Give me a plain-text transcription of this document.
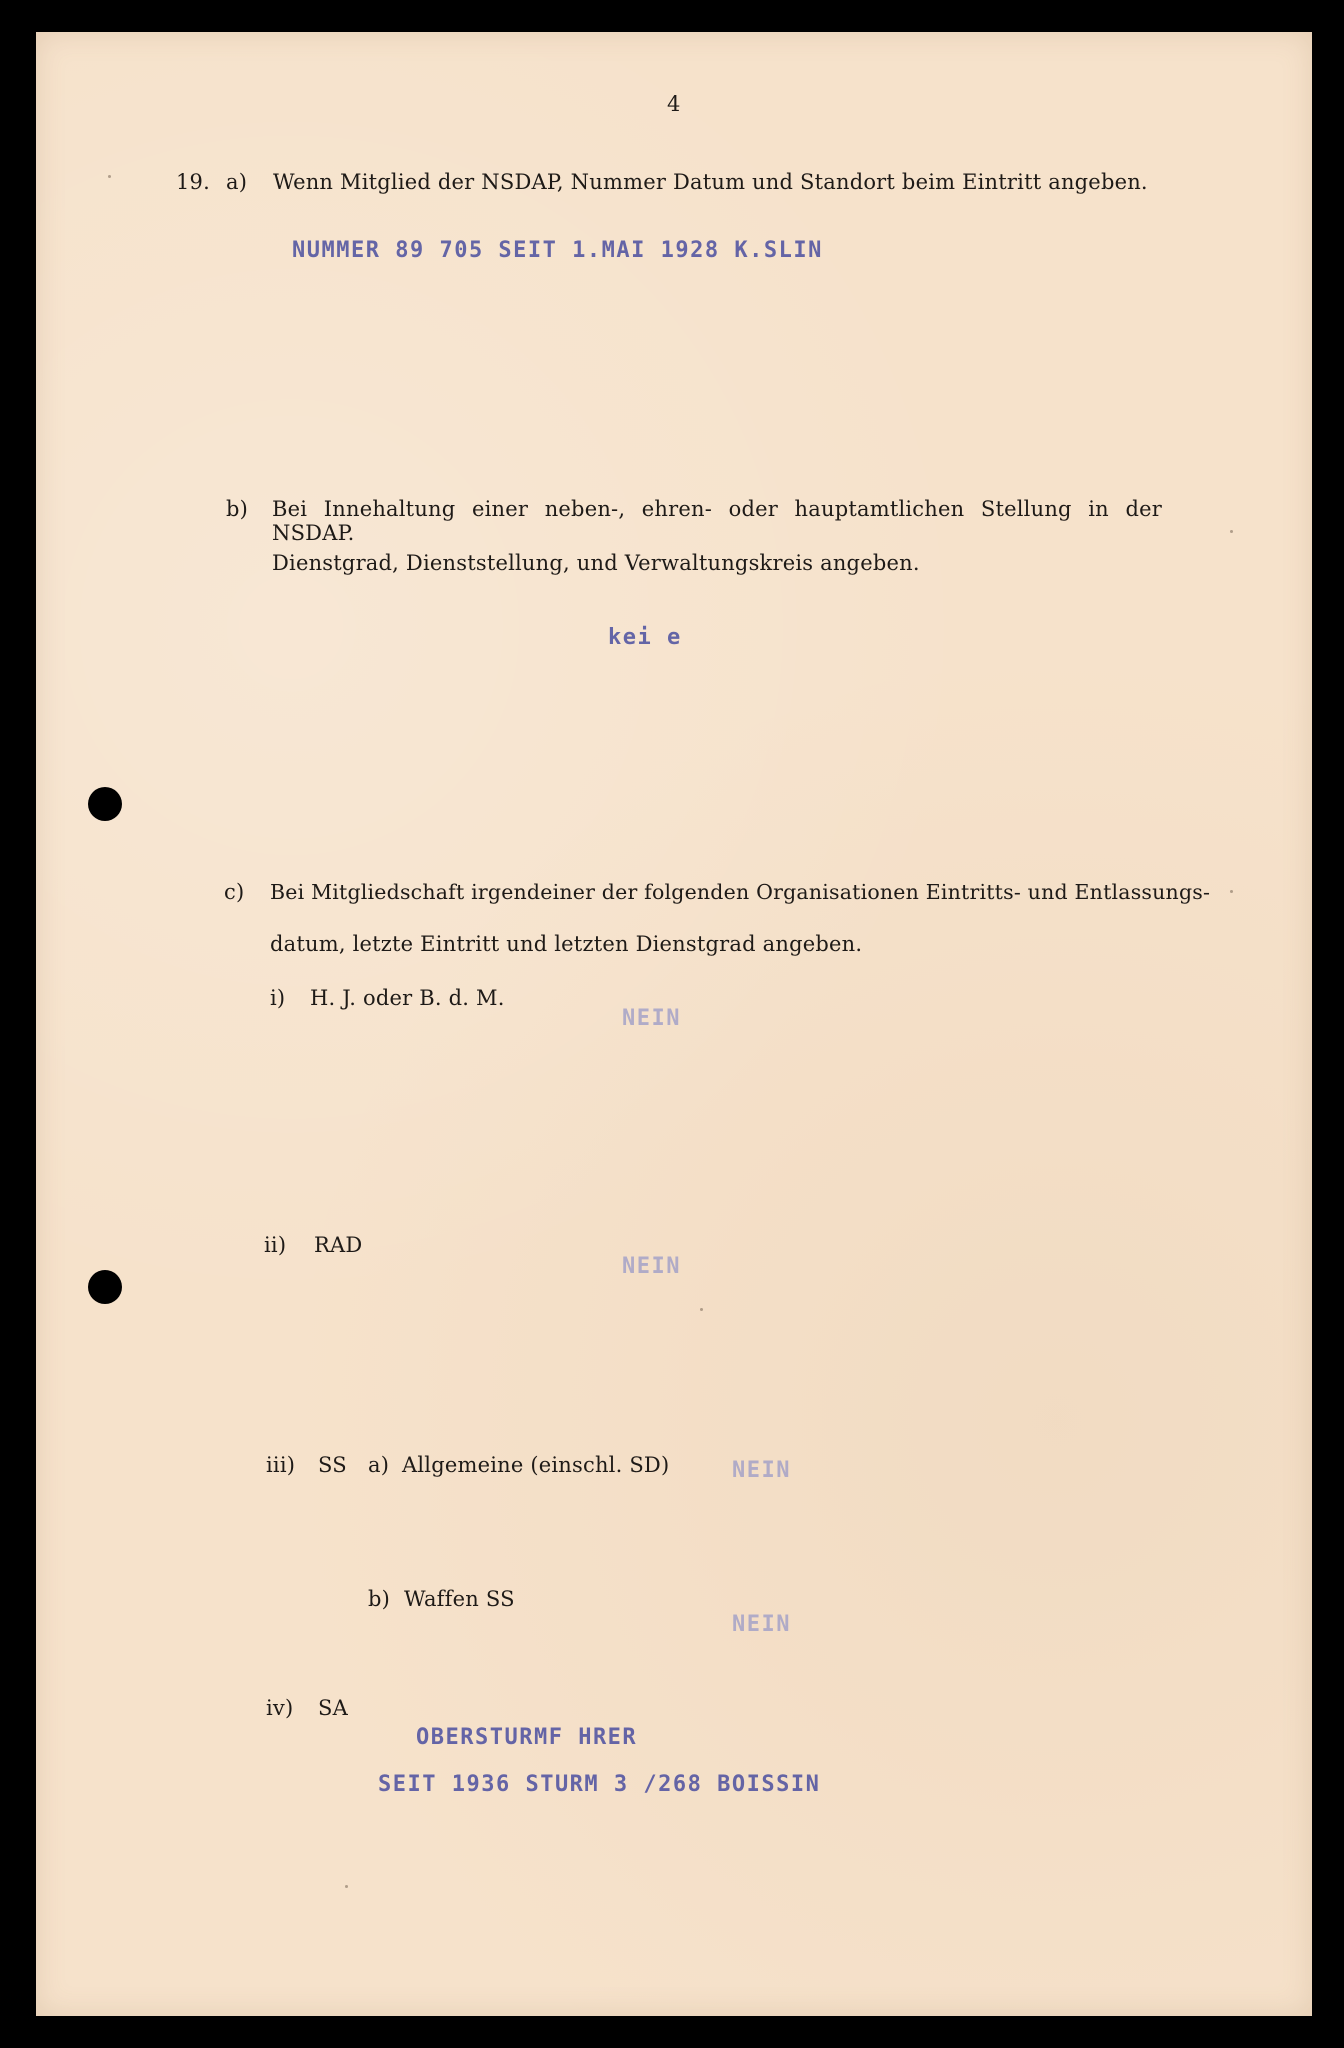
4
19. a) Wenn Mitglied der NSDAP, Nummer Datum und Standort beim Eintritt angeben.
NUMMER 89 705 SEIT 1.MAI 1928 K.SLIN
b) Bei Innehaltung einer neben-, ehren- oder hauptamtlichen Stellung in der NSDAP.
Dienstgrad, Dienststellung, und Verwaltungskreis angeben.
kei e
c) Bei Mitgliedschaft irgendeiner der folgenden Organisationen Eintritts- und Entlassungs-
datum, letzte Eintritt und letzten Dienstgrad angeben.
i) H. J. oder B. d. M.
NEIN
ii) RAD
NEIN
iii) SS a) Allgemeine (einschl. SD)	NEIN
b) Waffen SS
NEIN
iv) SA
OBERSTURMF HRER
SEIT 1936 STURM 3 /268 BOISSIN
